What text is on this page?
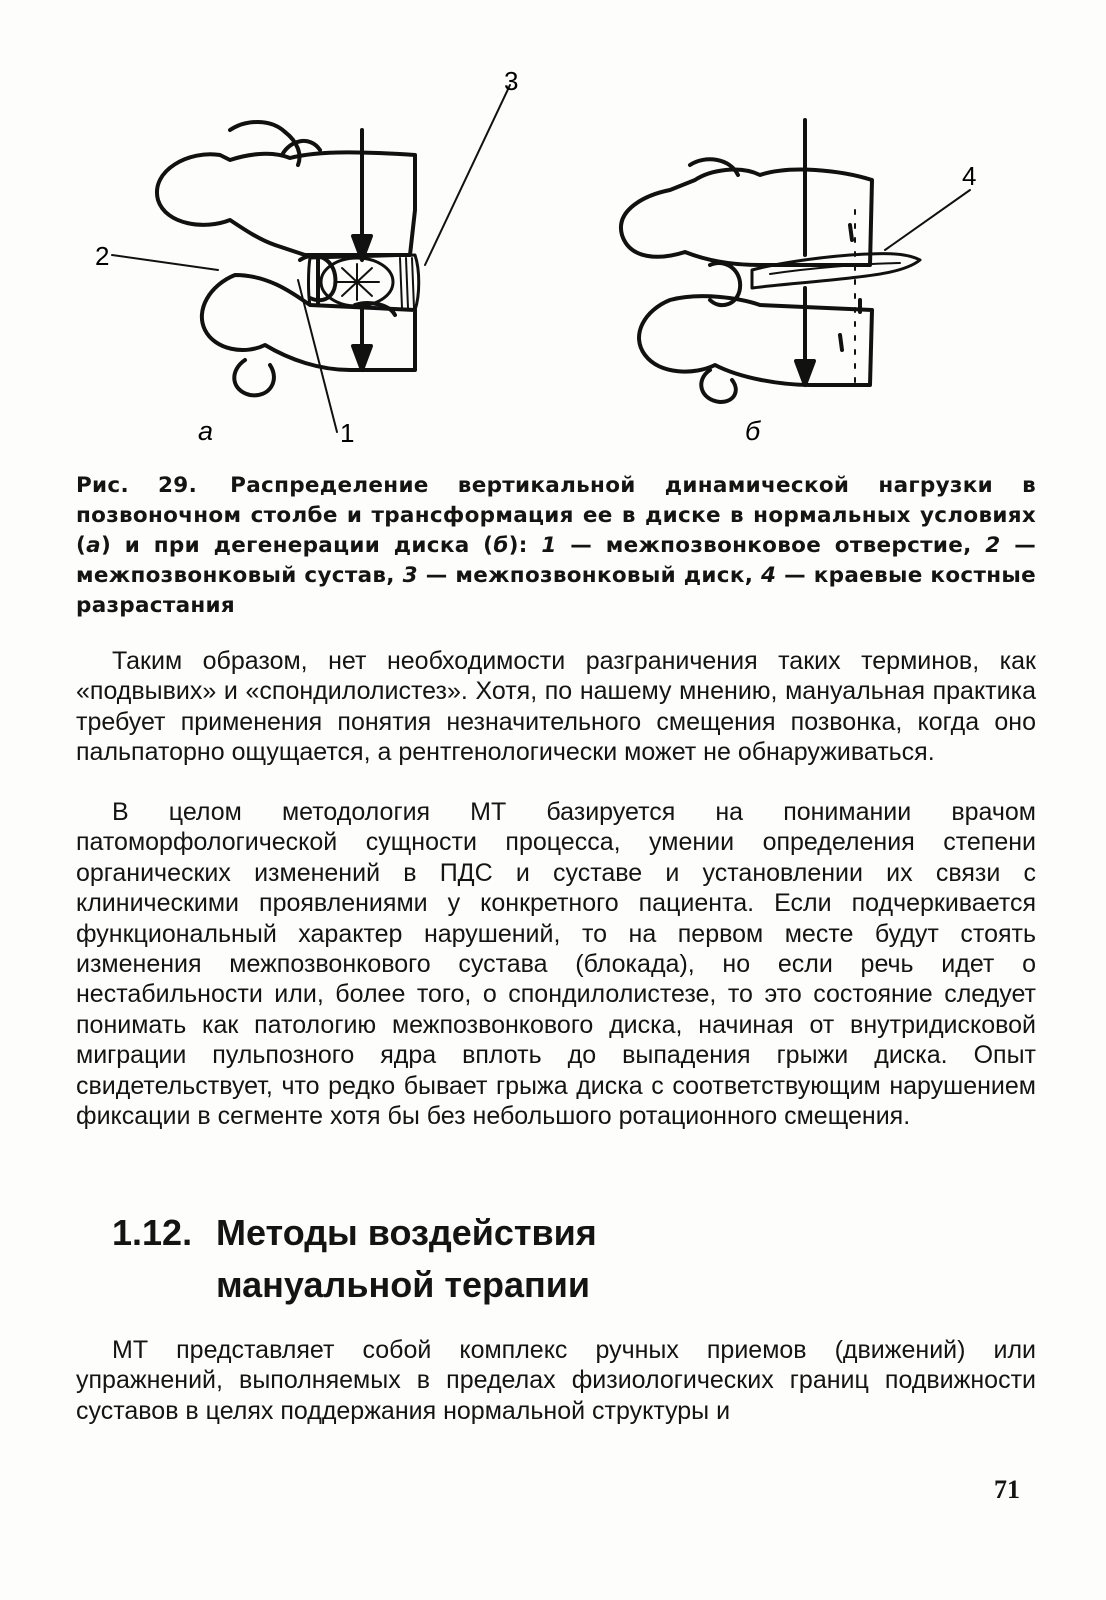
2
3
1
4
а	б
Рис. 29. Распределение вертикальной динамической нагрузки в позвоночном столбе и трансформация ее в диске в нормальных условиях (а) и при дегенерации диска (б): 1 — межпозвонковое отверстие, 2 — межпозвонковый сустав, 3 — межпозвонковый диск, 4 — краевые костные разрастания

Таким образом, нет необходимости разграничения таких терминов, как «подвывих» и «спондилолистез». Хотя, по нашему мнению, мануальная практика требует применения понятия незначительного смещения позвонка, когда оно пальпаторно ощущается, а рентгенологически может не обнаруживаться.

В целом методология МТ базируется на понимании врачом патоморфологической сущности процесса, умении определения степени органических изменений в ПДС и суставе и установлении их связи с клиническими проявлениями у конкретного пациента. Если подчеркивается функциональный характер нарушений, то на первом месте будут стоять изменения межпозвонкового сустава (блокада), но если речь идет о нестабильности или, более того, о спондилолистезе, то это состояние следует понимать как патологию межпозвонкового диска, начиная от внутридисковой миграции пульпозного ядра вплоть до выпадения грыжи диска. Опыт свидетельствует, что редко бывает грыжа диска с соответствующим нарушением фиксации в сегменте хотя бы без небольшого ротационного смещения.

1.12. Методы воздействия
мануальной терапии

МТ представляет собой комплекс ручных приемов (движений) или упражнений, выполняемых в пределах физиологических границ подвижности суставов в целях поддержания нормальной структуры и

71
